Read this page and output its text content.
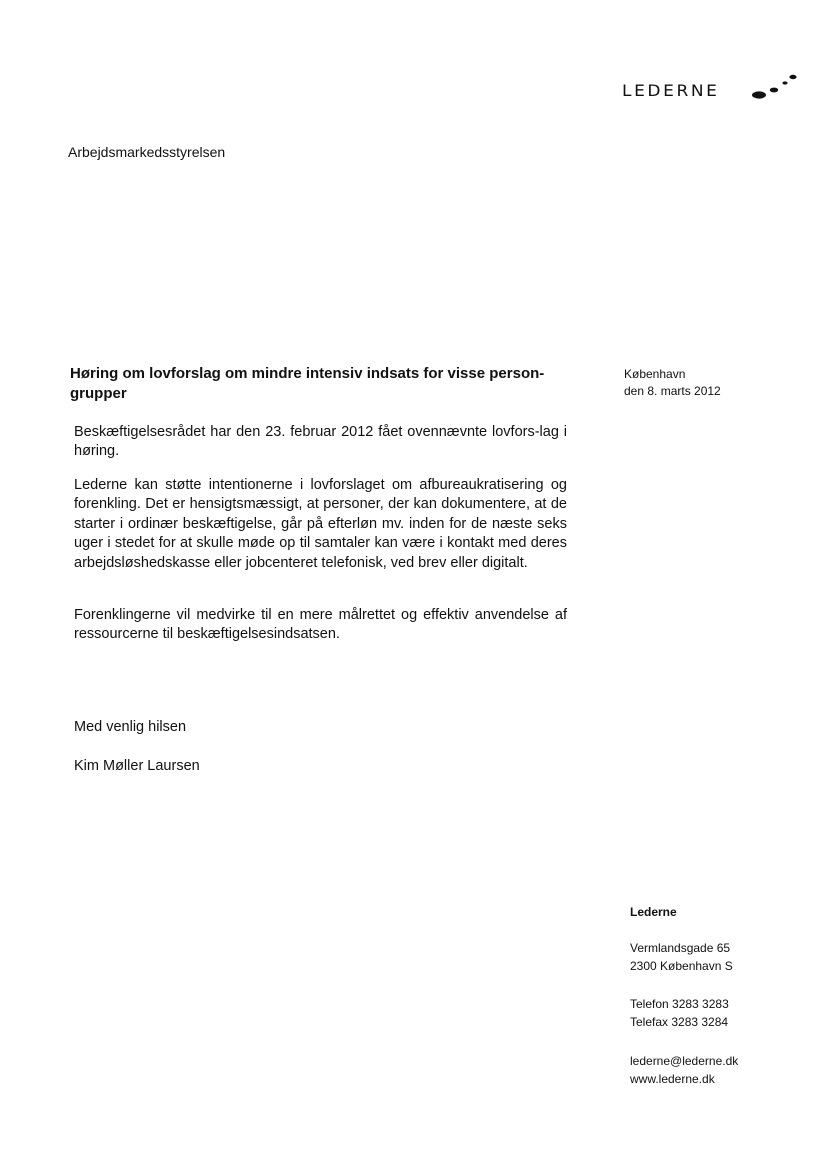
LEDERNE
Arbejdsmarkedsstyrelsen
København
den 8. marts 2012
Høring om lovforslag om mindre intensiv indsats for visse person-grupper
Beskæftigelsesrådet har den 23. februar 2012 fået ovennævnte lovfors-lag i høring.
Lederne kan støtte intentionerne i lovforslaget om afbureaukratisering og forenkling. Det er hensigtsmæssigt, at personer, der kan dokumentere, at de starter i ordinær beskæftigelse, går på efterløn mv. inden for de næste seks uger i stedet for at skulle møde op til samtaler kan være i kontakt med deres arbejdsløshedskasse eller jobcenteret telefonisk, ved brev eller digitalt.
Forenklingerne vil medvirke til en mere målrettet og effektiv anvendelse af ressourcerne til beskæftigelsesindsatsen.
Med venlig hilsen
Kim Møller Laursen
Lederne
Vermlandsgade 65
2300 København S
Telefon 3283 3283
Telefax 3283 3284
lederne@lederne.dk
www.lederne.dk
